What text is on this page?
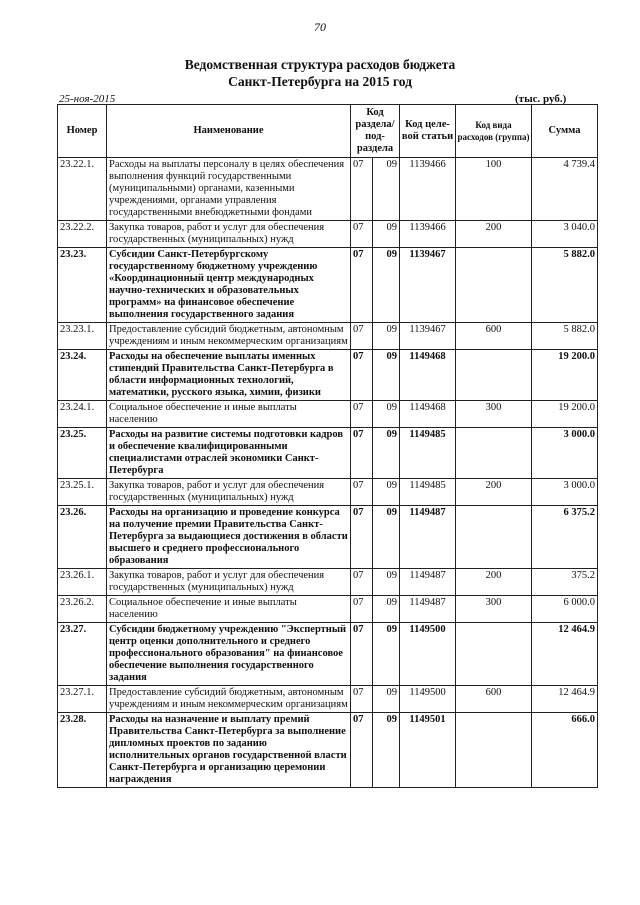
70
Ведомственная структура расходов бюджета
Санкт-Петербурга на 2015 год
25-ноя-2015	(тыс. руб.)
Номер	Наименование	Код раздела/ под-раздела		Код целе-вой статьи	Код вида расходов (группа)	Сумма
23.22.1.	Расходы на выплаты персоналу в целях обеспечения выполнения функций государственными (муниципальными) органами, казенными учреждениями, органами управления государственными внебюджетными фондами	07	09	1139466	100	4 739.4
23.22.2.	Закупка товаров, работ и услуг для обеспечения государственных (муниципальных) нужд	07	09	1139466	200	3 040.0
23.23.	Субсидии Санкт-Петербургскому государственному бюджетному учреждению «Координационный центр международных научно-технических и образовательных программ» на финансовое обеспечение выполнения государственного задания	07	09	1139467		5 882.0
23.23.1.	Предоставление субсидий бюджетным, автономным учреждениям и иным некоммерческим организациям	07	09	1139467	600	5 882.0
23.24.	Расходы на обеспечение выплаты именных стипендий Правительства Санкт-Петербурга в области информационных технологий, математики, русского языка, химии, физики	07	09	1149468		19 200.0
23.24.1.	Социальное обеспечение и иные выплаты населению	07	09	1149468	300	19 200.0
23.25.	Расходы на развитие системы подготовки кадров и обеспечение квалифицированными специалистами отраслей экономики Санкт-Петербурга	07	09	1149485		3 000.0
23.25.1.	Закупка товаров, работ и услуг для обеспечения государственных (муниципальных) нужд	07	09	1149485	200	3 000.0
23.26.	Расходы на организацию и проведение конкурса на получение премии Правительства Санкт-Петербурга за выдающиеся достижения в области высшего и среднего профессионального образования	07	09	1149487		6 375.2
23.26.1.	Закупка товаров, работ и услуг для обеспечения государственных (муниципальных) нужд	07	09	1149487	200	375.2
23.26.2.	Социальное обеспечение и иные выплаты населению	07	09	1149487	300	6 000.0
23.27.	Субсидии бюджетному учреждению "Экспертный центр оценки дополнительного и среднего профессионального образования" на финансовое обеспечение выполнения государственного задания	07	09	1149500		12 464.9
23.27.1.	Предоставление субсидий бюджетным, автономным учреждениям и иным некоммерческим организациям	07	09	1149500	600	12 464.9
23.28.	Расходы на назначение и выплату премий Правительства Санкт-Петербурга за выполнение дипломных проектов по заданию исполнительных органов государственной власти Санкт-Петербурга и организацию церемонии награждения	07	09	1149501		666.0
